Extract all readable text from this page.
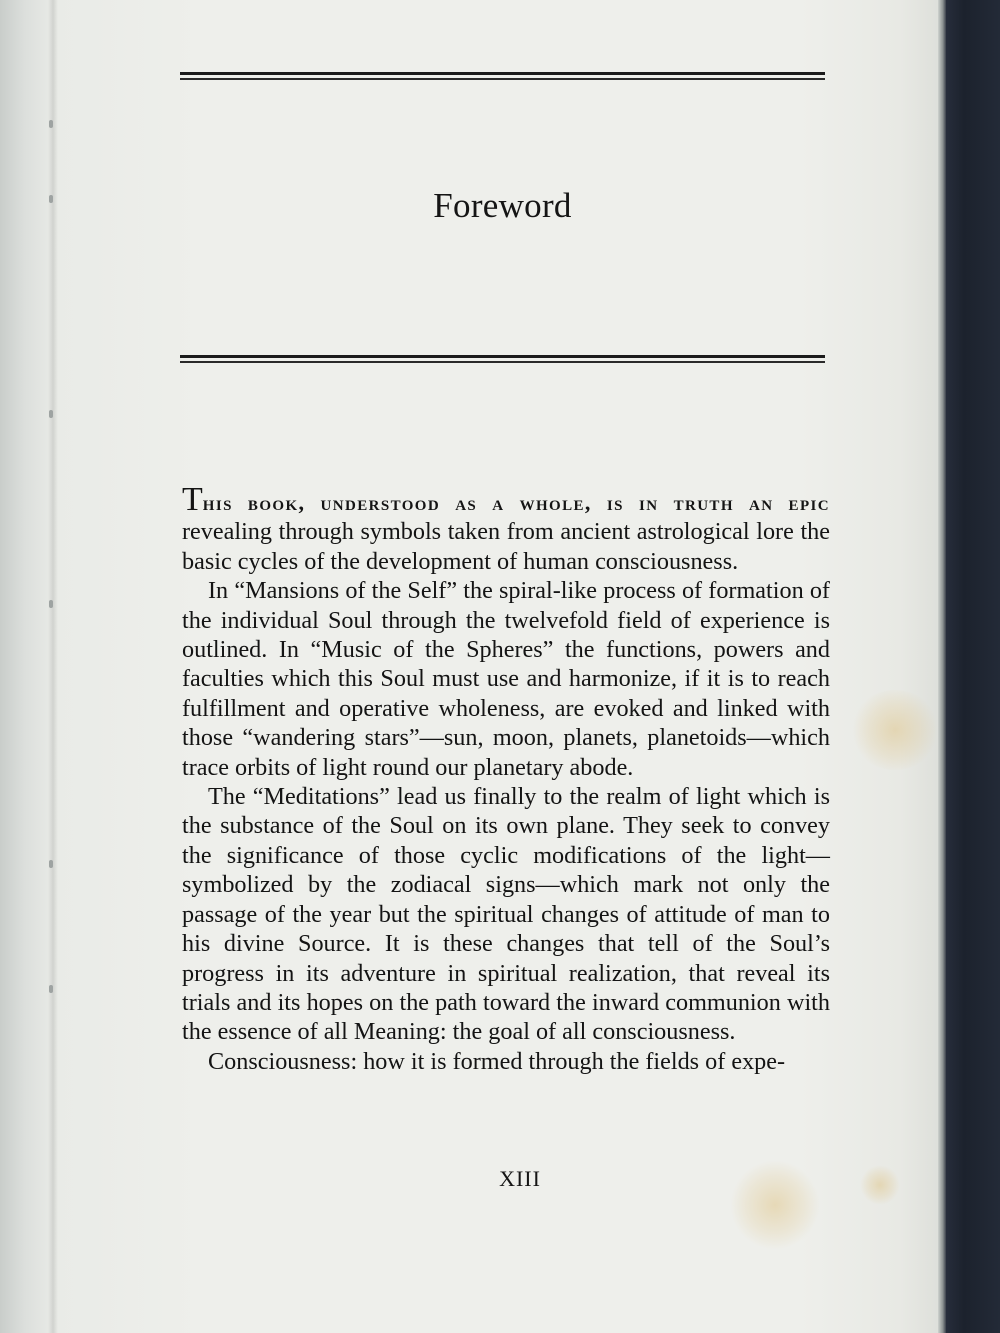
Foreword

This book, understood as a whole, is in truth an epic revealing through symbols taken from ancient astrological lore the basic cycles of the development of human consciousness.

In “Mansions of the Self” the spiral-like process of formation of the individual Soul through the twelvefold field of experience is outlined. In “Music of the Spheres” the functions, powers and faculties which this Soul must use and harmonize, if it is to reach fulfillment and operative wholeness, are evoked and linked with those “wandering stars”—sun, moon, planets, planetoids—which trace orbits of light round our planetary abode.

The “Meditations” lead us finally to the realm of light which is the substance of the Soul on its own plane. They seek to convey the significance of those cyclic modifications of the light—symbolized by the zodiacal signs—which mark not only the passage of the year but the spiritual changes of attitude of man to his divine Source. It is these changes that tell of the Soul’s progress in its adventure in spiritual realization, that reveal its trials and its hopes on the path toward the inward communion with the essence of all Meaning: the goal of all consciousness.

Consciousness: how it is formed through the fields of expe-

XIII
